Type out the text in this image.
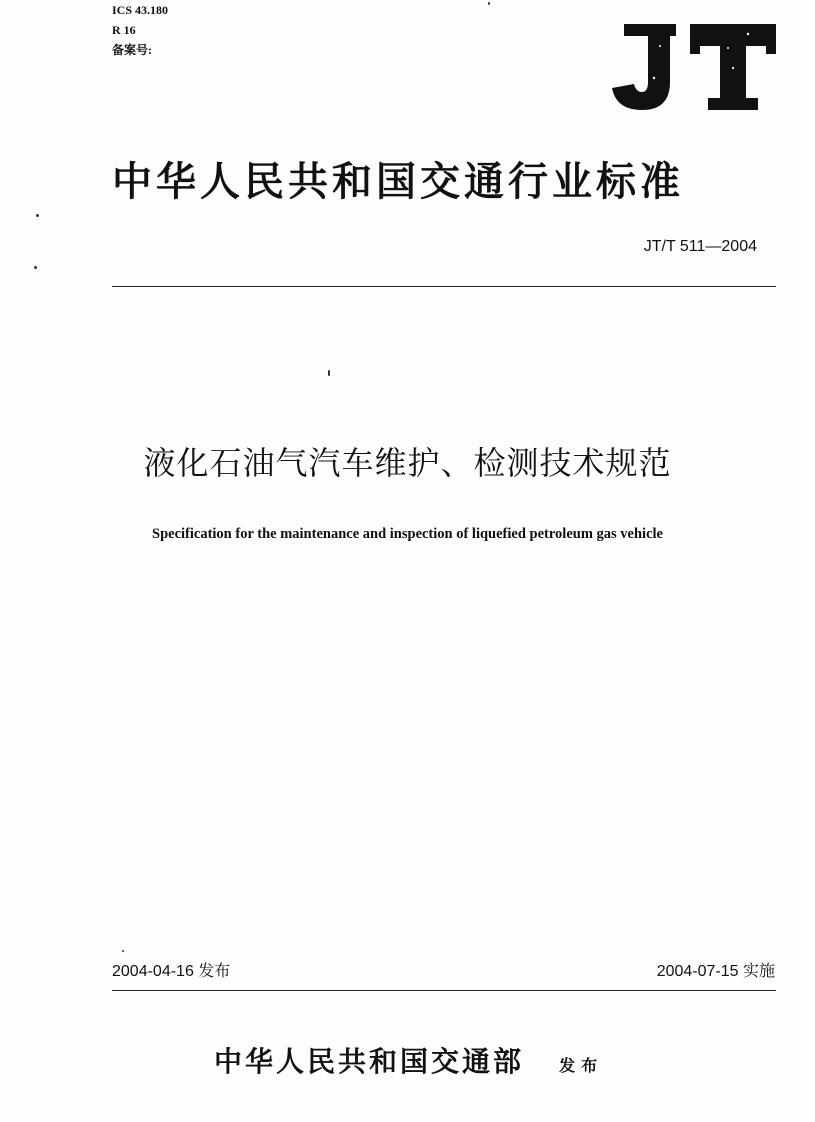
ICS 43.180
R 16
备案号:
中华人民共和国交通行业标准
JT/T 511—2004
液化石油气汽车维护、检测技术规范
Specification for the maintenance and inspection of liquefied petroleum gas vehicle
2004-04-16 发布	2004-07-15 实施
中华人民共和国交通部 发布
